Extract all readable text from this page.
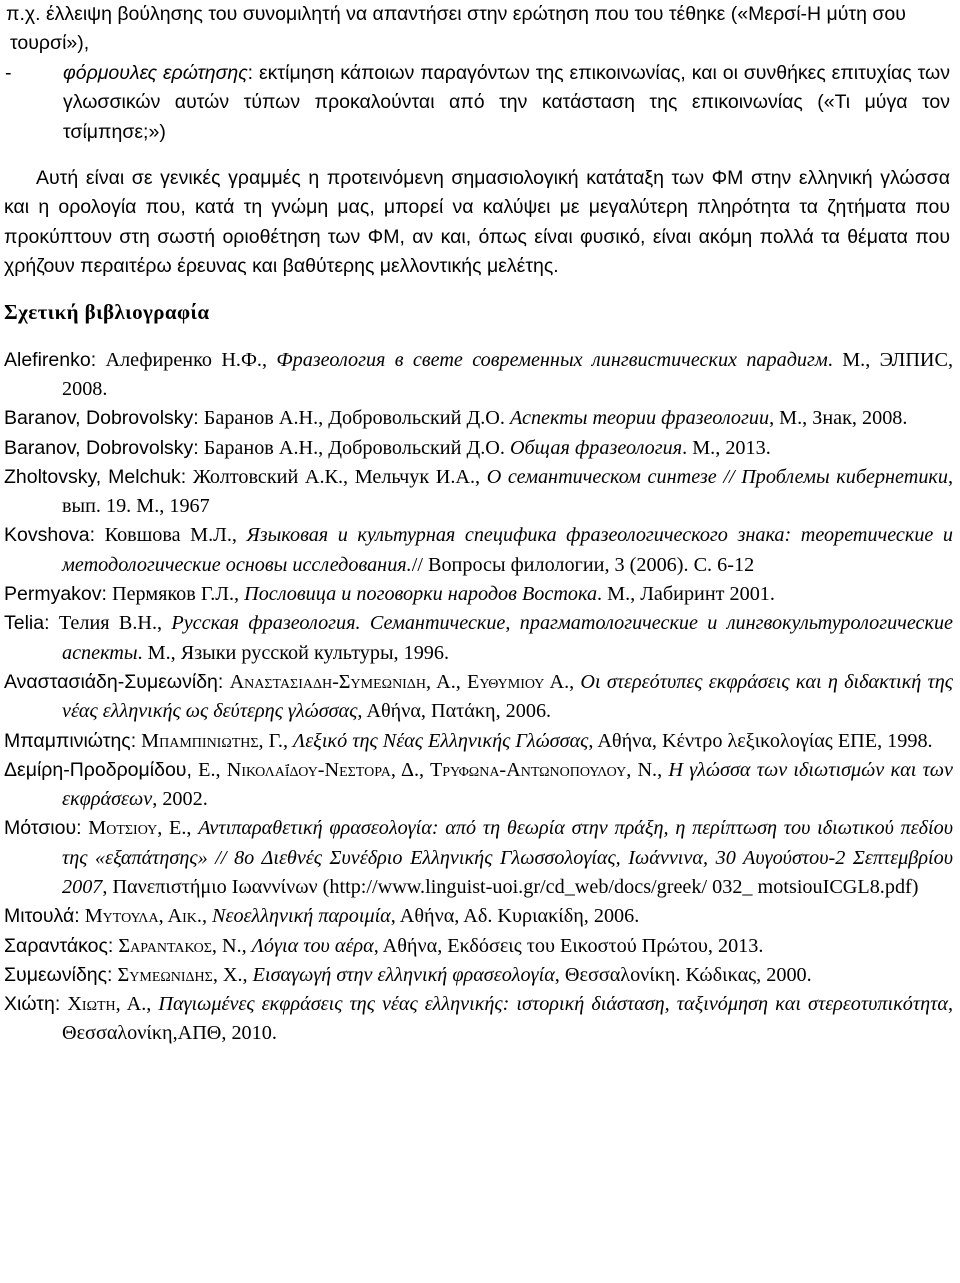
π.χ. έλλειψη βούλησης του συνομιλητή να απαντήσει στην ερώτηση που του τέθηκε («Μερσί-Η μύτη σου τουρσί»),
-	φόρμουλες ερώτησης: εκτίμηση κάποιων παραγόντων της επικοινωνίας, και οι συνθήκες επιτυχίας των γλωσσικών αυτών τύπων προκαλούνται από την κατάσταση της επικοινωνίας («Τι μύγα τον τσίμπησε;»)
Αυτή είναι σε γενικές γραμμές η προτεινόμενη σημασιολογική κατάταξη των ΦΜ στην ελληνική γλώσσα και η ορολογία που, κατά τη γνώμη μας, μπορεί να καλύψει με μεγαλύτερη πληρότητα τα ζητήματα που προκύπτουν στη σωστή οριοθέτηση των ΦΜ, αν και, όπως είναι φυσικό, είναι ακόμη πολλά τα θέματα που χρήζουν περαιτέρω έρευνας και βαθύτερης μελλοντικής μελέτης.
Σχετική βιβλιογραφία
Alefirenko: Алефиренко Н.Ф., Фразеология в свете современных лингвистических парадигм. М., ЭЛПИС, 2008.
Baranov, Dobrovolsky: Баранов А.Н., Добровольский Д.О. Аспекты теории фразеологии, М., Знак, 2008.
Baranov, Dobrovolsky: Баранов А.Н., Добровольский Д.О. Общая фразеология. М., 2013.
Zholtovsky, Melchuk: Жолтовский А.К., Мельчук И.А., О семантическом синтезе // Проблемы кибернетики, вып. 19. М., 1967
Kovshova: Ковшова М.Л., Языковая и культурная специфика фразеологического знака: теоретические и методологические основы исследования.// Вопросы филологии, 3 (2006). С. 6-12
Permyakov: Пермяков Г.Л., Пословица и поговорки народов Востока. М., Лабиринт 2001.
Telia: Телия В.Н., Русская фразеология. Семантические, прагматологические и лингвокультурологические аспекты. М., Языки русской культуры, 1996.
Αναστασιάδη-Συμεωνίδη: Αναστασιαδη-Συμεωνιδη, Α., Ευθυμιου Α., Οι στερεότυπες εκφράσεις και η διδακτική της νέας ελληνικής ως δεύτερης γλώσσας, Αθήνα, Πατάκη, 2006.
Μπαμπινιώτης: Μπαμπινιωτης, Γ., Λεξικό της Νέας Ελληνικής Γλώσσας, Αθήνα, Κέντρο λεξικολογίας ΕΠΕ, 1998.
Δεμίρη-Προδρομίδου, Ε., Νικολαΐδου-Νεστορα, Δ., Τρυφωνα-Αντωνοπουλου, Ν., Η γλώσσα των ιδιωτισμών και των εκφράσεων, 2002.
Μότσιου: Μοτσιου, Ε., Αντιπαραθετική φρασεολογία: από τη θεωρία στην πράξη, η περίπτωση του ιδιωτικού πεδίου της «εξαπάτησης» // 8ο Διεθνές Συνέδριο Ελληνικής Γλωσσολογίας, Ιωάννινα, 30 Αυγούστου-2 Σεπτεμβρίου 2007, Πανεπιστήμιο Ιωαννίνων (http://www.linguist-uoi.gr/cd_web/docs/greek/ 032_ motsiouICGL8.pdf)
Μιτουλά: Μυτουλα, Αικ., Νεοελληνική παροιμία, Αθήνα, Αδ. Κυριακίδη, 2006.
Σαραντάκος: Σαραντακος, Ν., Λόγια του αέρα, Αθήνα, Εκδόσεις του Εικοστού Πρώτου, 2013.
Συμεωνίδης: Συμεωνιδης, Χ., Εισαγωγή στην ελληνική φρασεολογία, Θεσσαλονίκη. Κώδικας, 2000.
Χιώτη: Χιωτη, Α., Παγιωμένες εκφράσεις της νέας ελληνικής: ιστορική διάσταση, ταξινόμηση και στερεοτυπικότητα, Θεσσαλονίκη,ΑΠΘ, 2010.
